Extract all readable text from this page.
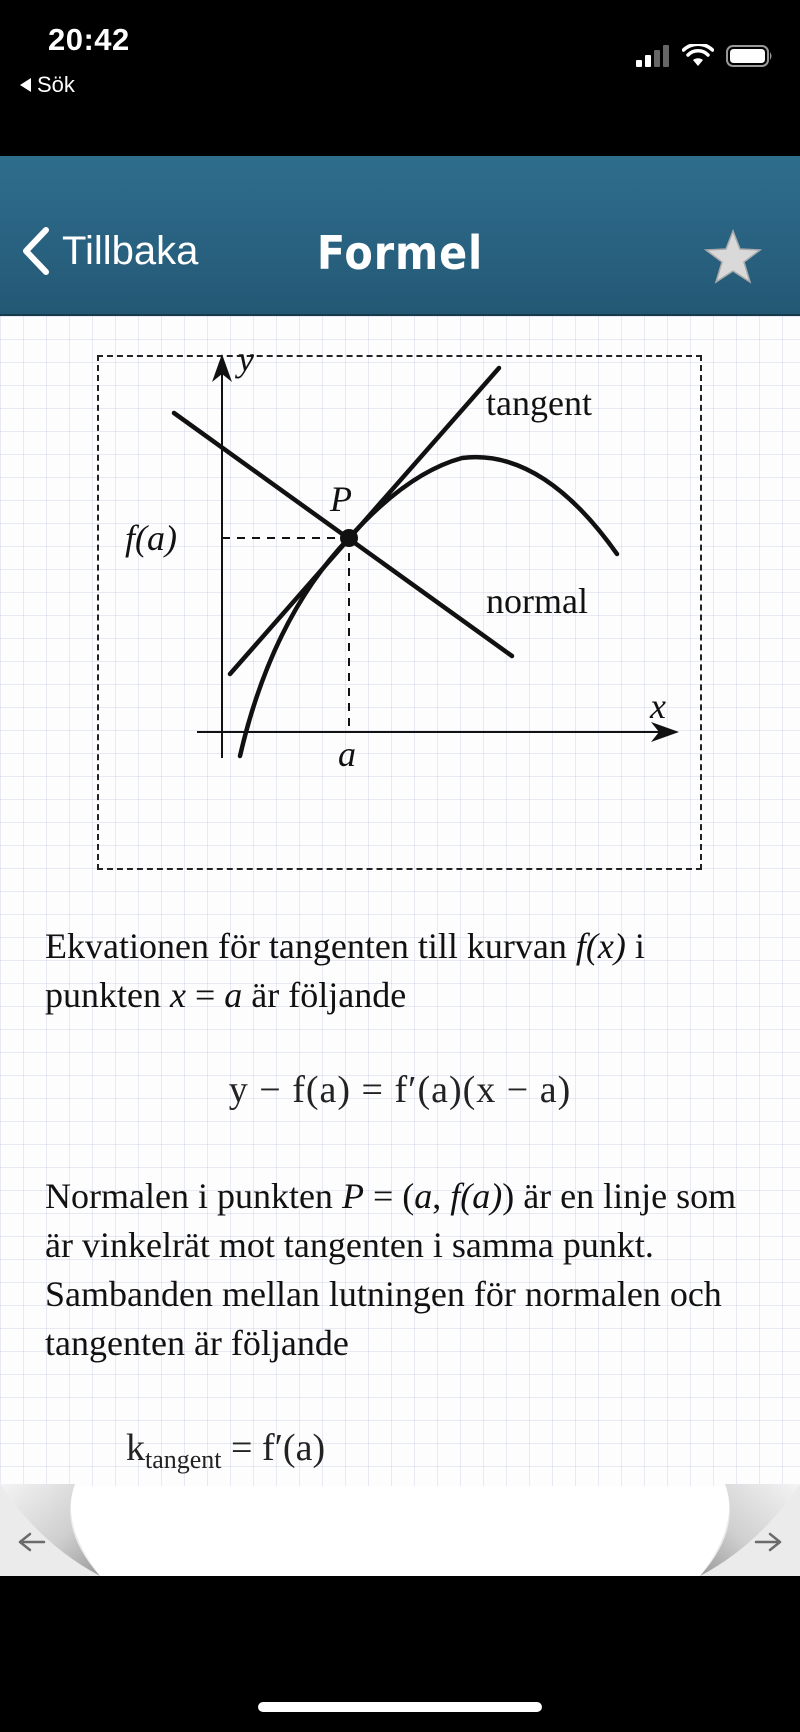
20:42
Sök
Tillbaka	Formel
y
x
tangent
normal
P
f(a)
a

Ekvationen för tangenten till kurvan f(x) i punkten x = a är följande

y − f(a) = f′(a)(x − a)

Normalen i punkten P = (a, f(a)) är en linje som är vinkelrät mot tangenten i samma punkt. Sambanden mellan lutningen för normalen och tangenten är följande

$k_{tangent} = f'(a)$
